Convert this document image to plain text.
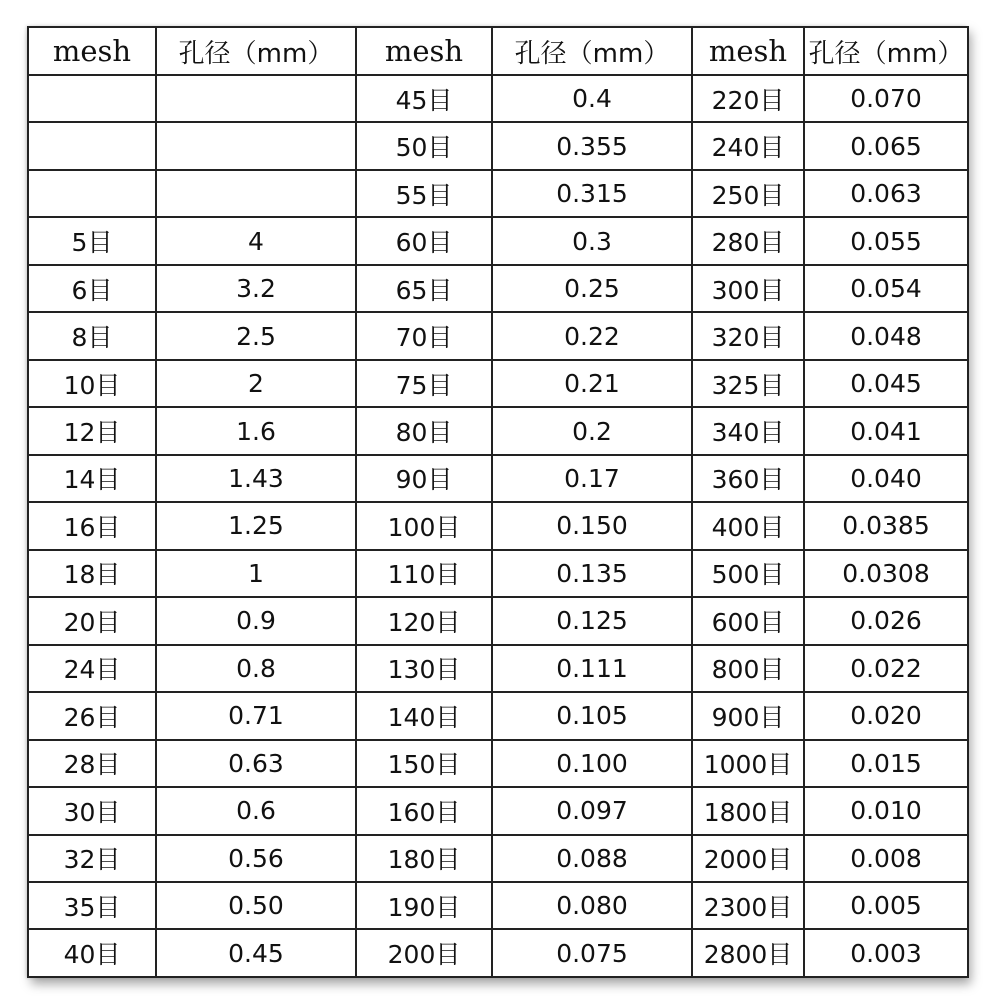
mesh	孔径（mm）	mesh	孔径（mm）	mesh	孔径（mm）
		45目	0.4	220目	0.070
		50目	0.355	240目	0.065
		55目	0.315	250目	0.063
5目	4	60目	0.3	280目	0.055
6目	3.2	65目	0.25	300目	0.054
8目	2.5	70目	0.22	320目	0.048
10目	2	75目	0.21	325目	0.045
12目	1.6	80目	0.2	340目	0.041
14目	1.43	90目	0.17	360目	0.040
16目	1.25	100目	0.150	400目	0.0385
18目	1	110目	0.135	500目	0.0308
20目	0.9	120目	0.125	600目	0.026
24目	0.8	130目	0.111	800目	0.022
26目	0.71	140目	0.105	900目	0.020
28目	0.63	150目	0.100	1000目	0.015
30目	0.6	160目	0.097	1800目	0.010
32目	0.56	180目	0.088	2000目	0.008
35目	0.50	190目	0.080	2300目	0.005
40目	0.45	200目	0.075	2800目	0.003
